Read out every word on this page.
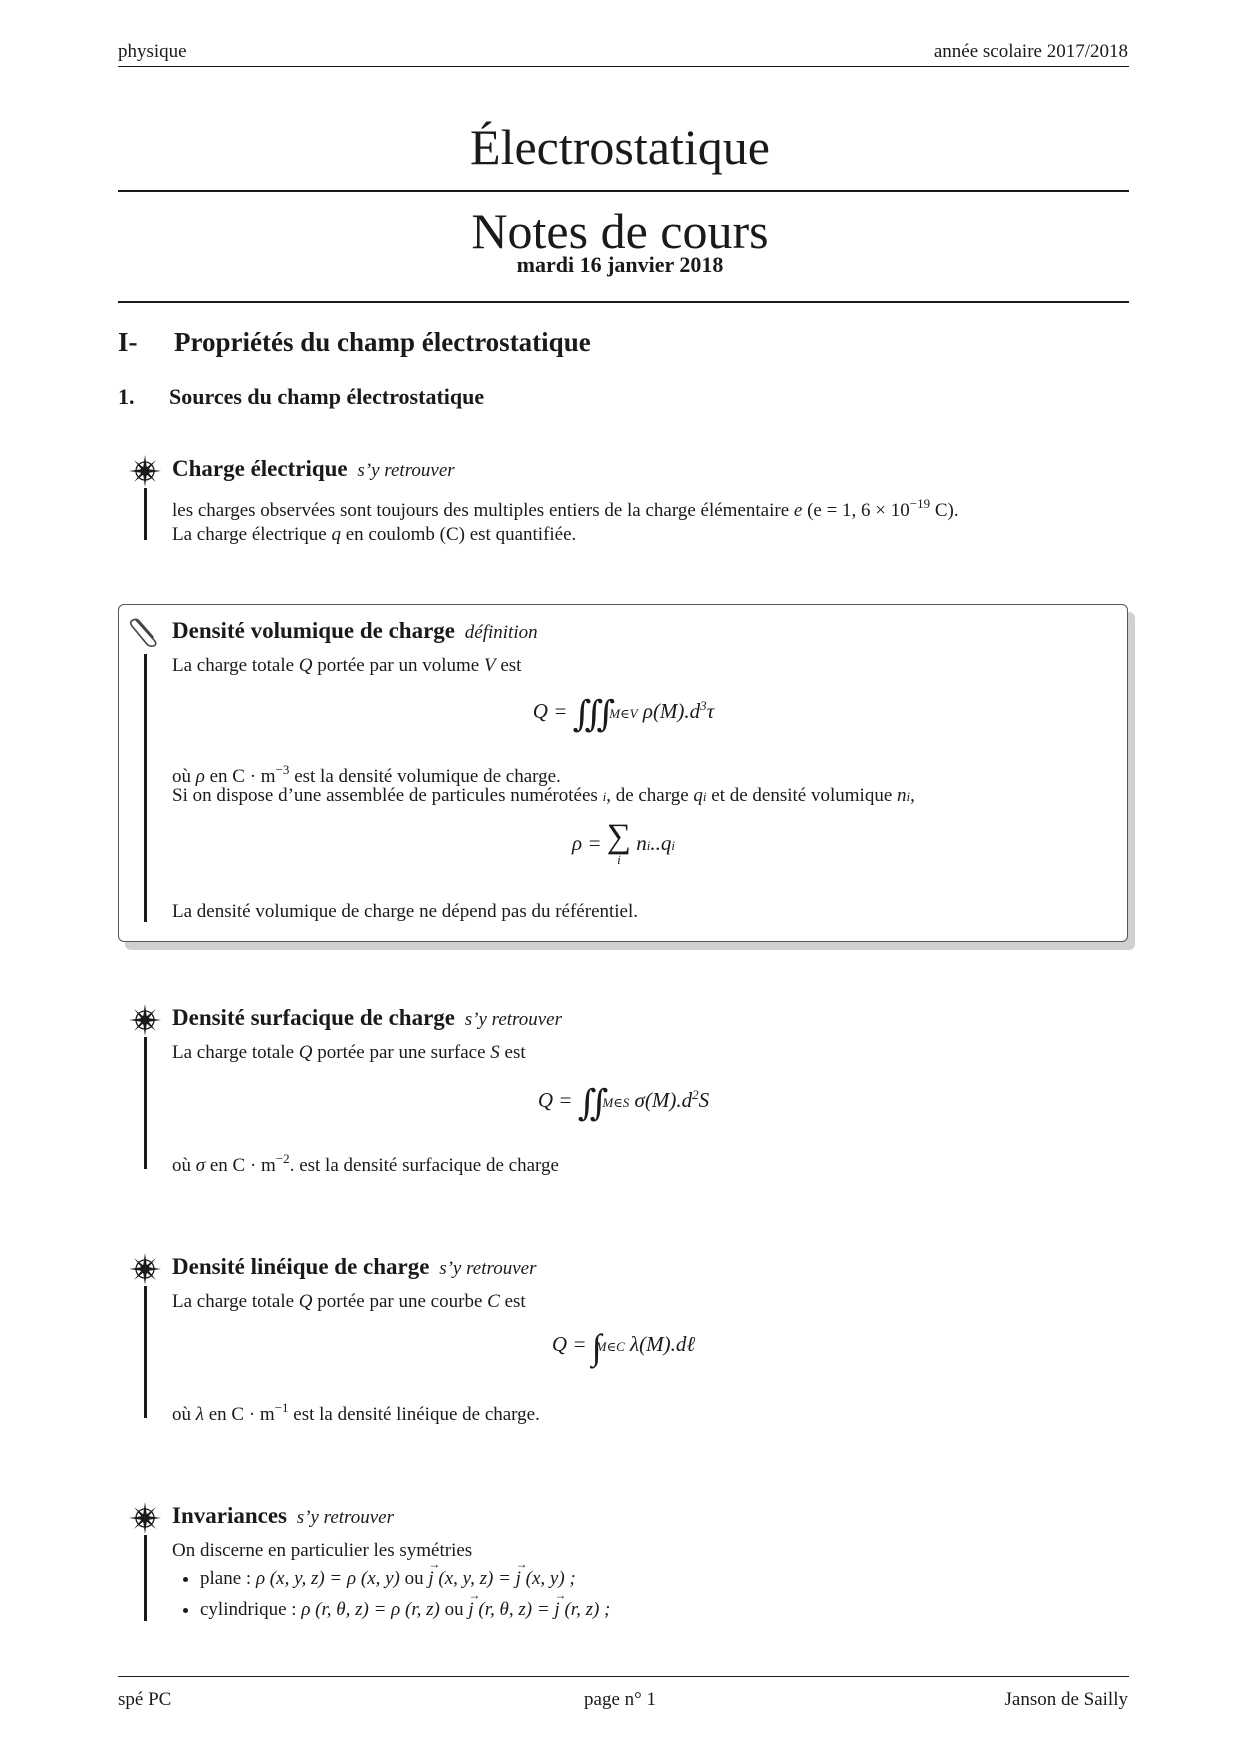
physique	année scolaire 2017/2018
Électrostatique
Notes de cours
mardi 16 janvier 2018
I- Propriétés du champ électrostatique
1. Sources du champ électrostatique
Charge électrique s’y retrouver
les charges observées sont toujours des multiples entiers de la charge élémentaire e (e = 1, $6 \times 10^{-19}$ C).
La charge électrique q en coulomb (C) est quantifiée.
Densité volumique de charge définition
La charge totale Q portée par un volume V est
Q = ∭M∈V $\rho(M).d^3\tau$
où ρ en $C \cdot m^{-3}$ est la densité volumique de charge.
Si on dispose d’une assemblée de particules numérotées i, de charge qi et de densité volumique ni,
ρ = ∑
i ni..qi
La densité volumique de charge ne dépend pas du référentiel.
Densité surfacique de charge s’y retrouver
La charge totale Q portée par une surface S est
Q = ∬M∈S $\sigma(M).d^2S$
où σ en $C \cdot m^{-2}$. est la densité surfacique de charge
Densité linéique de charge s’y retrouver
La charge totale Q portée par une courbe C est
Q = ∫M∈C λ(M).dℓ
où λ en $C \cdot m^{-1}$ est la densité linéique de charge.
Invariances s’y retrouver
On discerne en particulier les symétries
• plane : ρ (x, y, z) = ρ (x, y) ou → j (x, y, z) = → j (x, y) ;
• cylindrique : ρ (r, θ, z) = ρ (r, z) ou → j (r, θ, z) = → j (r, z) ;
spé PC	page n° 1	Janson de Sailly
